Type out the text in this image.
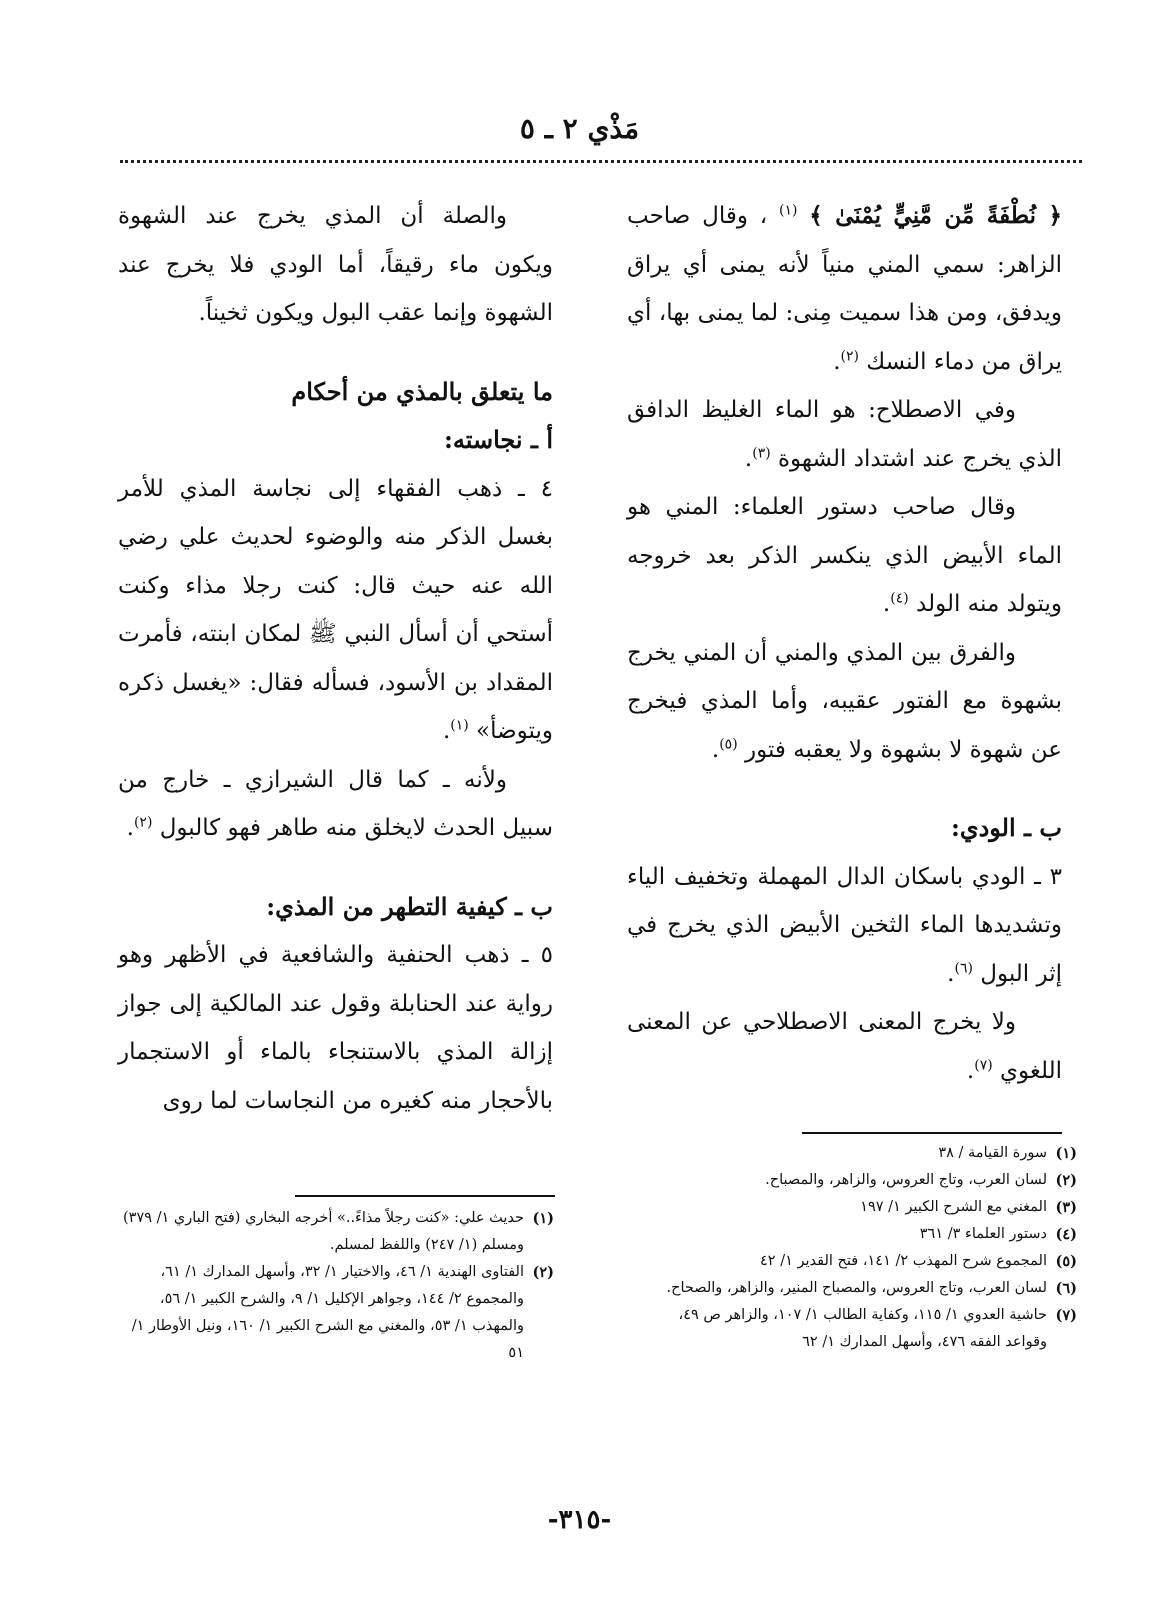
مَذْي ٢ ـ ٥

﴿ نُطْفَةً مِّن مَّنِيٍّ يُمْنَىٰ ﴾ $^{(١)}$ ، وقال صاحب الزاهر: سمي المني منياً لأنه يمنى أي يراق ويدفق، ومن هذا سميت مِنى: لما يمنى بها، أي يراق من دماء النسك $^{(٢)}$.

وفي الاصطلاح: هو الماء الغليظ الدافق الذي يخرج عند اشتداد الشهوة $^{(٣)}$.

وقال صاحب دستور العلماء: المني هو الماء الأبيض الذي ينكسر الذكر بعد خروجه ويتولد منه الولد $^{(٤)}$.

والفرق بين المذي والمني أن المني يخرج بشهوة مع الفتور عقيبه، وأما المذي فيخرج عن شهوة لا بشهوة ولا يعقبه فتور $^{(٥)}$.

ب ـ الودي:

٣ ـ الودي باسكان الدال المهملة وتخفيف الياء وتشديدها الماء الثخين الأبيض الذي يخرج في إثر البول $^{(٦)}$.

ولا يخرج المعنى الاصطلاحي عن المعنى اللغوي $^{(٧)}$.

والصلة أن المذي يخرج عند الشهوة ويكون ماء رقيقاً، أما الودي فلا يخرج عند الشهوة وإنما عقب البول ويكون ثخيناً.

ما يتعلق بالمذي من أحكام

أ ـ نجاسته:

٤ ـ ذهب الفقهاء إلى نجاسة المذي للأمر بغسل الذكر منه والوضوء لحديث علي رضي الله عنه حيث قال: كنت رجلا مذاء وكنت أستحي أن أسأل النبي ﷺ لمكان ابنته، فأمرت المقداد بن الأسود، فسأله فقال: «يغسل ذكره ويتوضأ» $^{(١)}$.

ولأنه ـ كما قال الشيرازي ـ خارج من سبيل الحدث لايخلق منه طاهر فهو كالبول $^{(٢)}$.

ب ـ كيفية التطهر من المذي:

٥ ـ ذهب الحنفية والشافعية في الأظهر وهو رواية عند الحنابلة وقول عند المالكية إلى جواز إزالة المذي بالاستنجاء بالماء أو الاستجمار بالأحجار منه كغيره من النجاسات لما روى

(١)
سورة القيامة / ٣٨
(٢)
لسان العرب، وتاج العروس، والزاهر، والمصباح.
(٣)
المغني مع الشرح الكبير ١/ ١٩٧
(٤)
دستور العلماء ٣/ ٣٦١
(٥)
المجموع شرح المهذب ٢/ ١٤١، فتح القدير ١/ ٤٢
(٦)
لسان العرب، وتاج العروس، والمصباح المنير، والزاهر، والصحاح.
(٧)
حاشية العدوي ١/ ١١٥، وكفاية الطالب ١/ ١٠٧، والزاهر ص ٤٩، وقواعد الفقه ٤٧٦، وأسهل المدارك ١/ ٦٢
(١)
حديث علي: «كنت رجلاً مذاءً..» أخرجه البخاري (فتح الباري ١/ ٣٧٩) ومسلم (١/ ٢٤٧) واللفظ لمسلم.
(٢)
الفتاوى الهندية ١/ ٤٦، والاختيار ١/ ٣٢، وأسهل المدارك ١/ ٦١، والمجموع ٢/ ١٤٤، وجواهر الإكليل ١/ ٩، والشرح الكبير ١/ ٥٦، والمهذب ١/ ٥٣، والمغني مع الشرح الكبير ١/ ١٦٠، ونيل الأوطار ١/ ٥١
-٣١٥-
